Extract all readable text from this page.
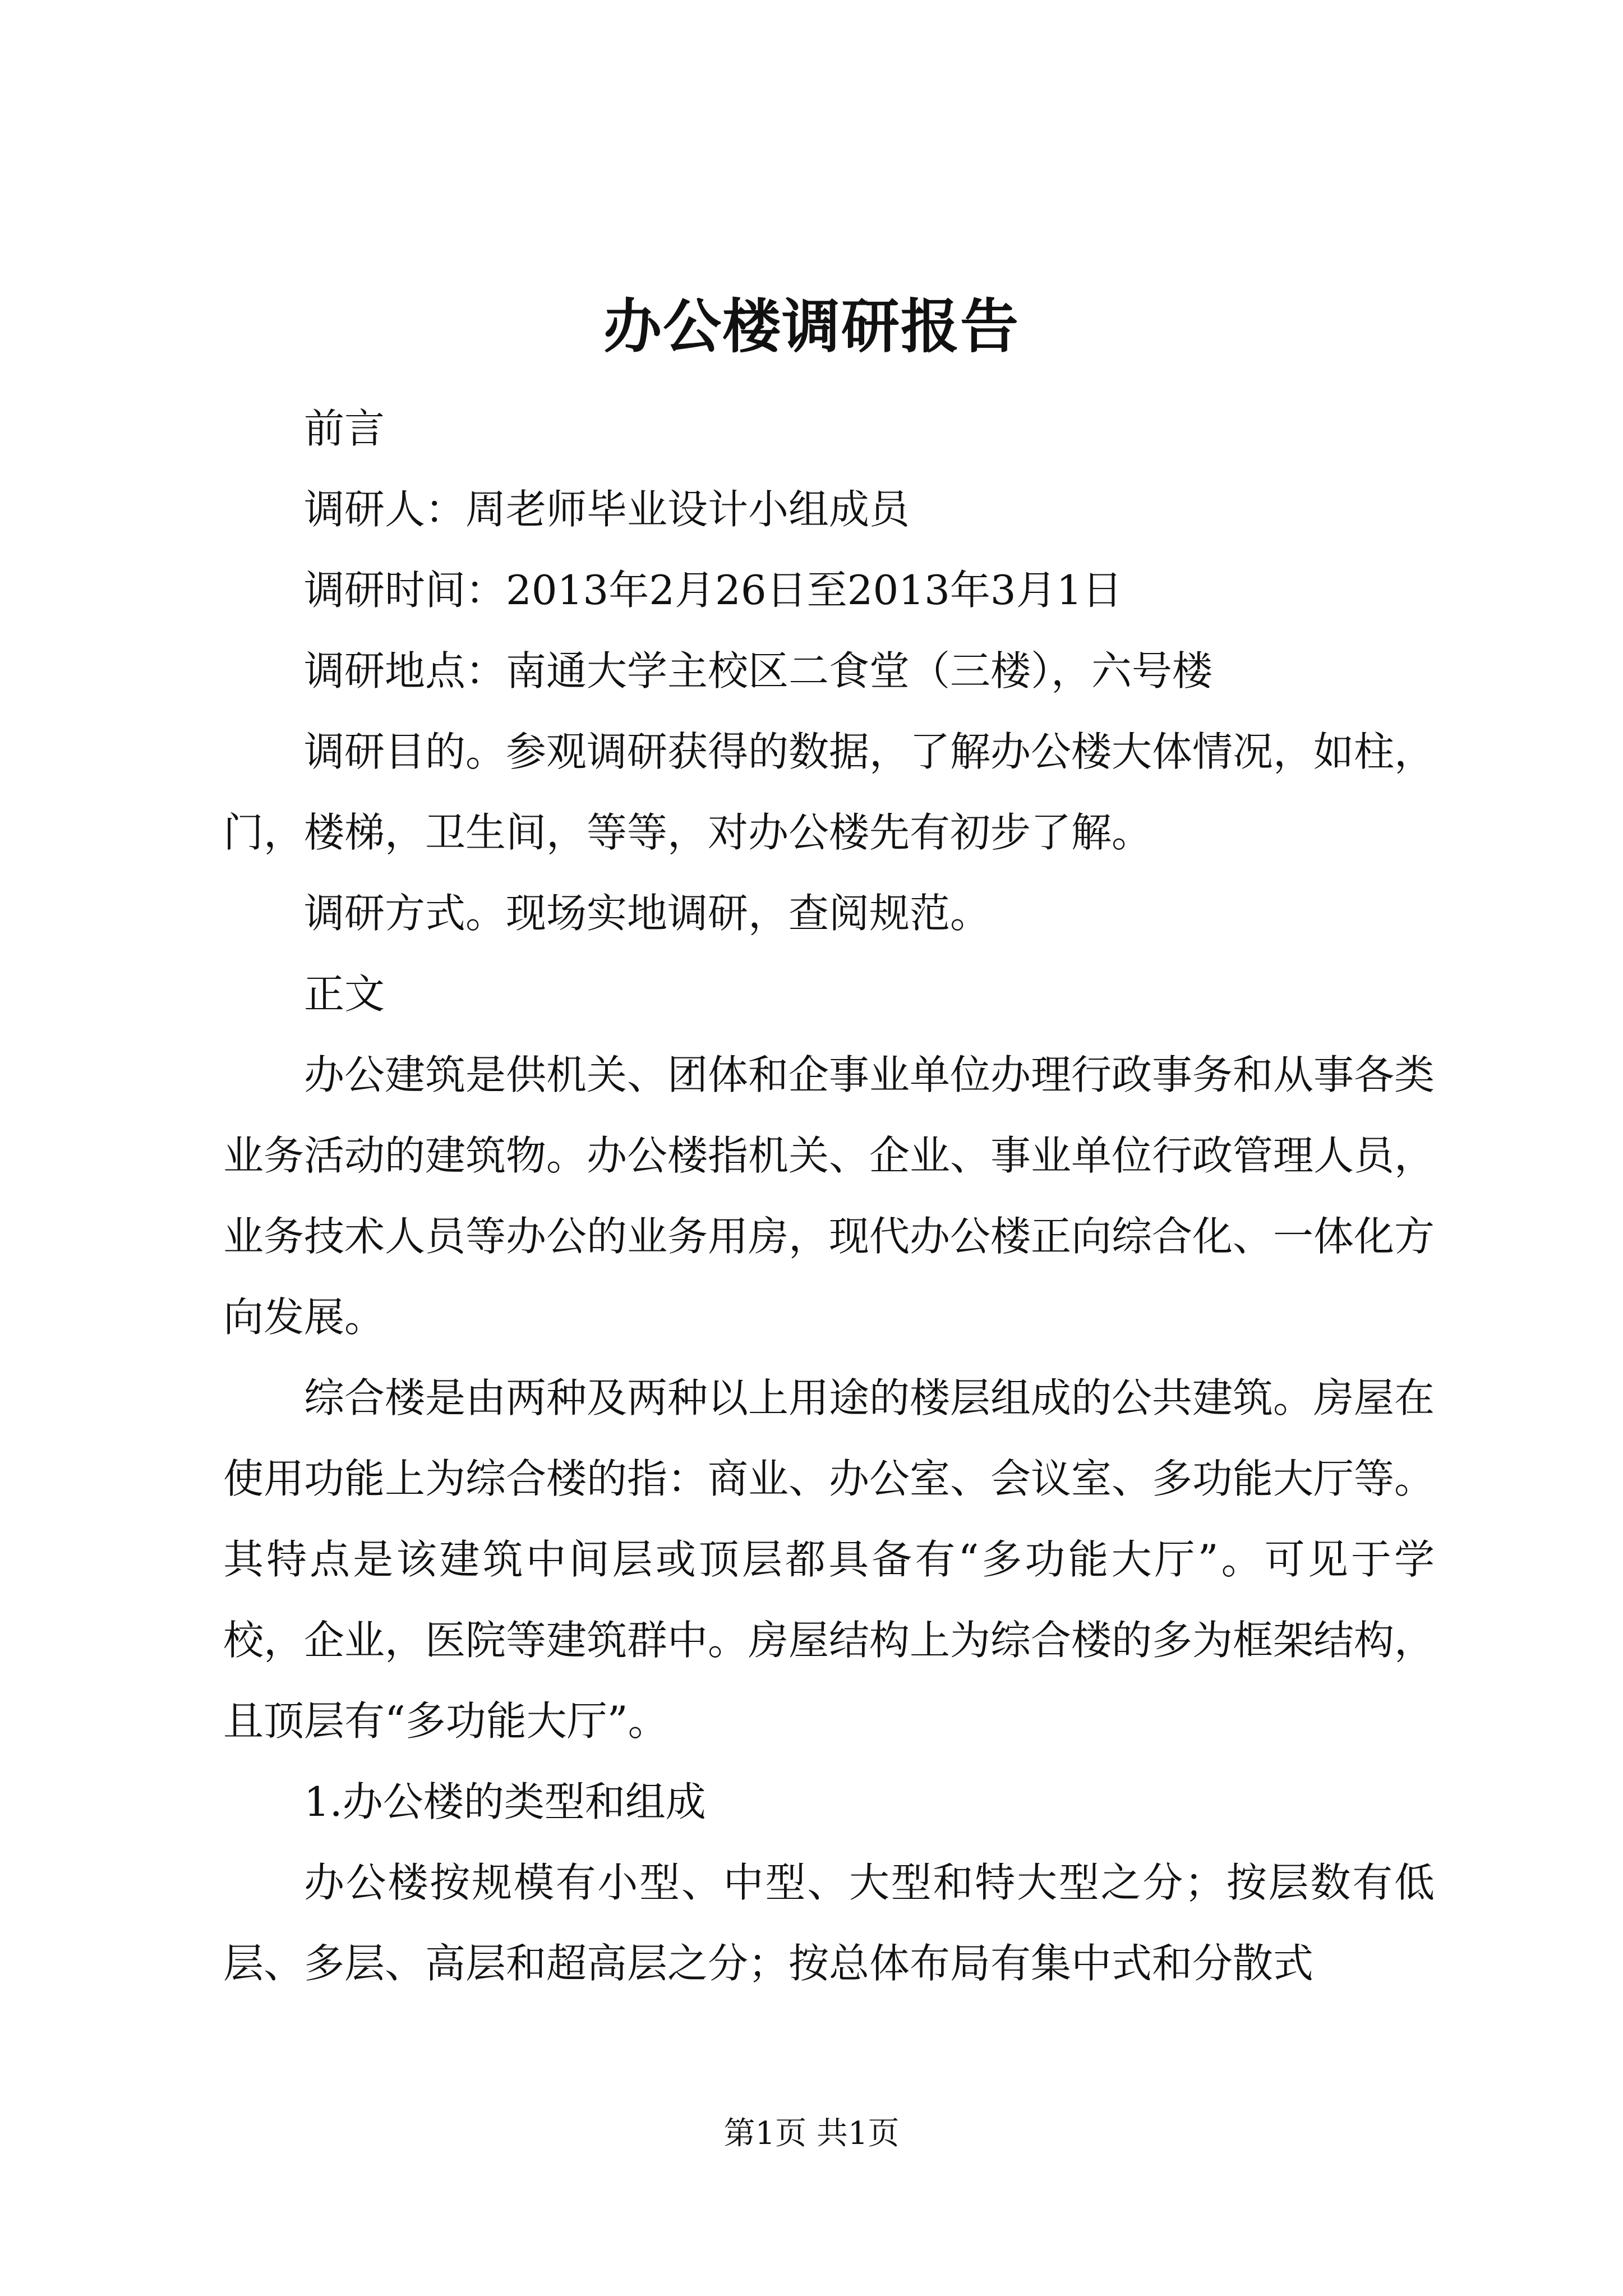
办公楼调研报告

前言

调研人：周老师毕业设计小组成员

调研时间：2013年2月26日至2013年3月1日

调研地点：南通大学主校区二食堂（三楼），六号楼

调研目的。参观调研获得的数据，了解办公楼大体情况，如柱，门，楼梯，卫生间，等等，对办公楼先有初步了解。

调研方式。现场实地调研，查阅规范。

正文

办公建筑是供机关、团体和企事业单位办理行政事务和从事各类业务活动的建筑物。办公楼指机关、企业、事业单位行政管理人员，业务技术人员等办公的业务用房，现代办公楼正向综合化、一体化方向发展。

综合楼是由两种及两种以上用途的楼层组成的公共建筑。房屋在使用功能上为综合楼的指：商业、办公室、会议室、多功能大厅等。其特点是该建筑中间层或顶层都具备有“多功能大厅”。可见于学校，企业，医院等建筑群中。房屋结构上为综合楼的多为框架结构，且顶层有“多功能大厅”。

1.办公楼的类型和组成

办公楼按规模有小型、中型、大型和特大型之分；按层数有低层、多层、高层和超高层之分；按总体布局有集中式和分散式

第1页 共1页
